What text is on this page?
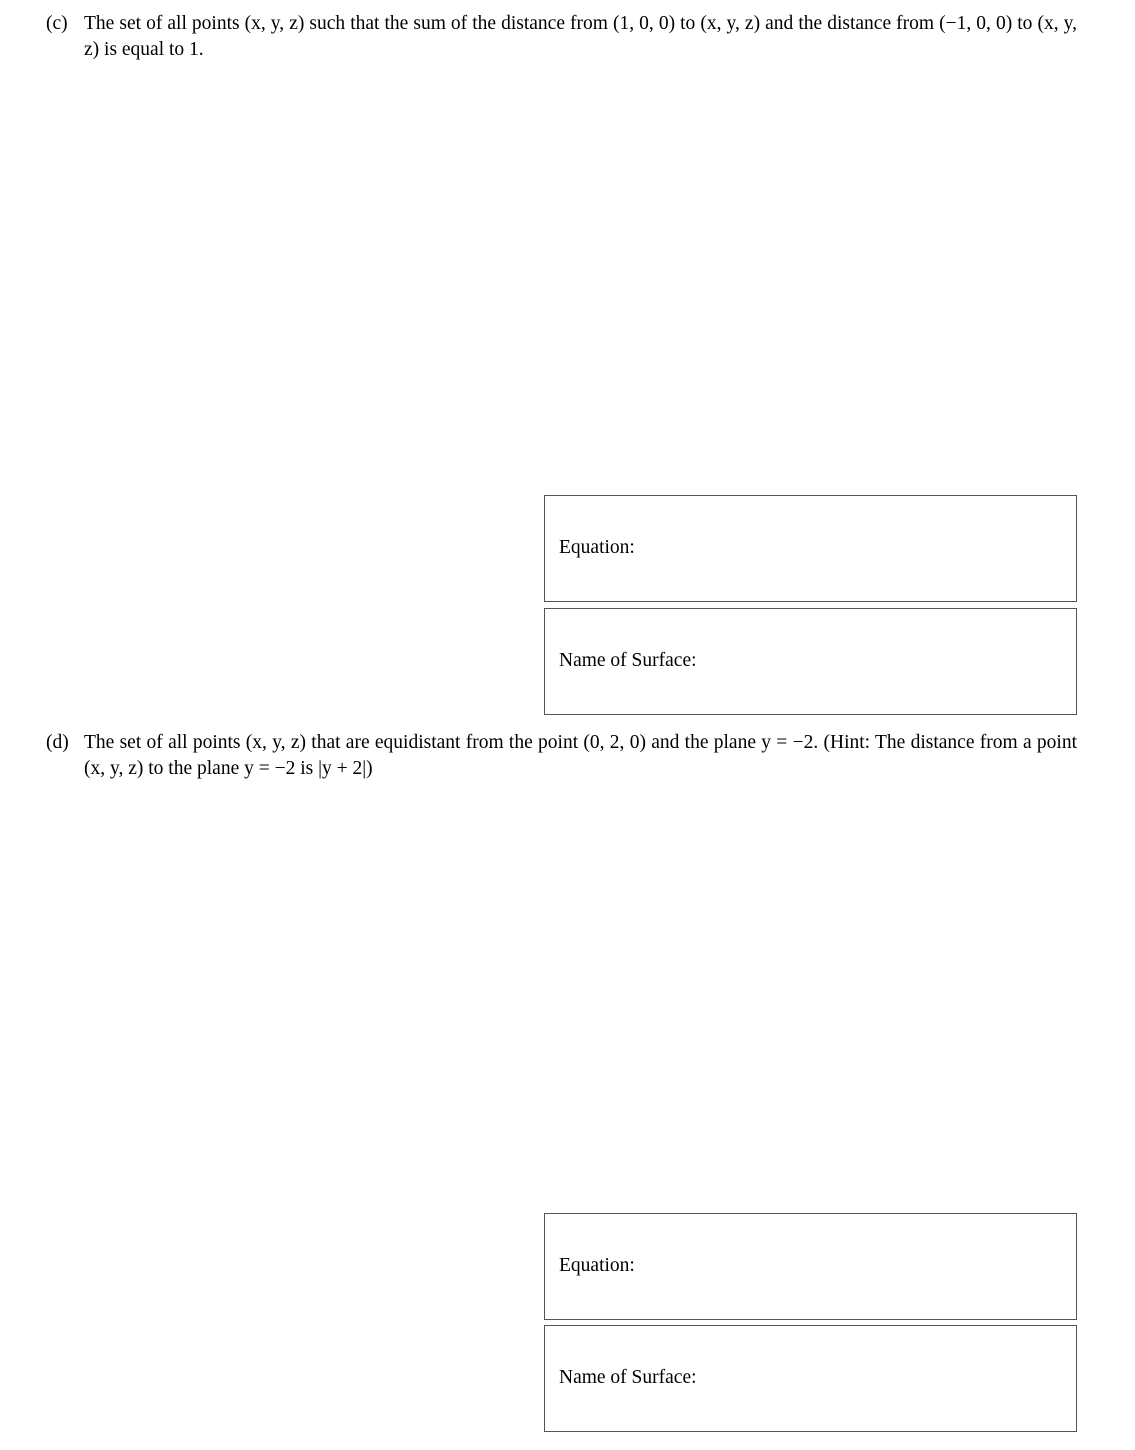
(c) The set of all points (x, y, z) such that the sum of the distance from (1, 0, 0) to (x, y, z) and the distance from (−1, 0, 0) to (x, y, z) is equal to 1.
Equation:
Name of Surface:
(d) The set of all points (x, y, z) that are equidistant from the point (0, 2, 0) and the plane y = −2. (Hint: The distance from a point (x, y, z) to the plane y = −2 is |y + 2|)
Equation:
Name of Surface:
